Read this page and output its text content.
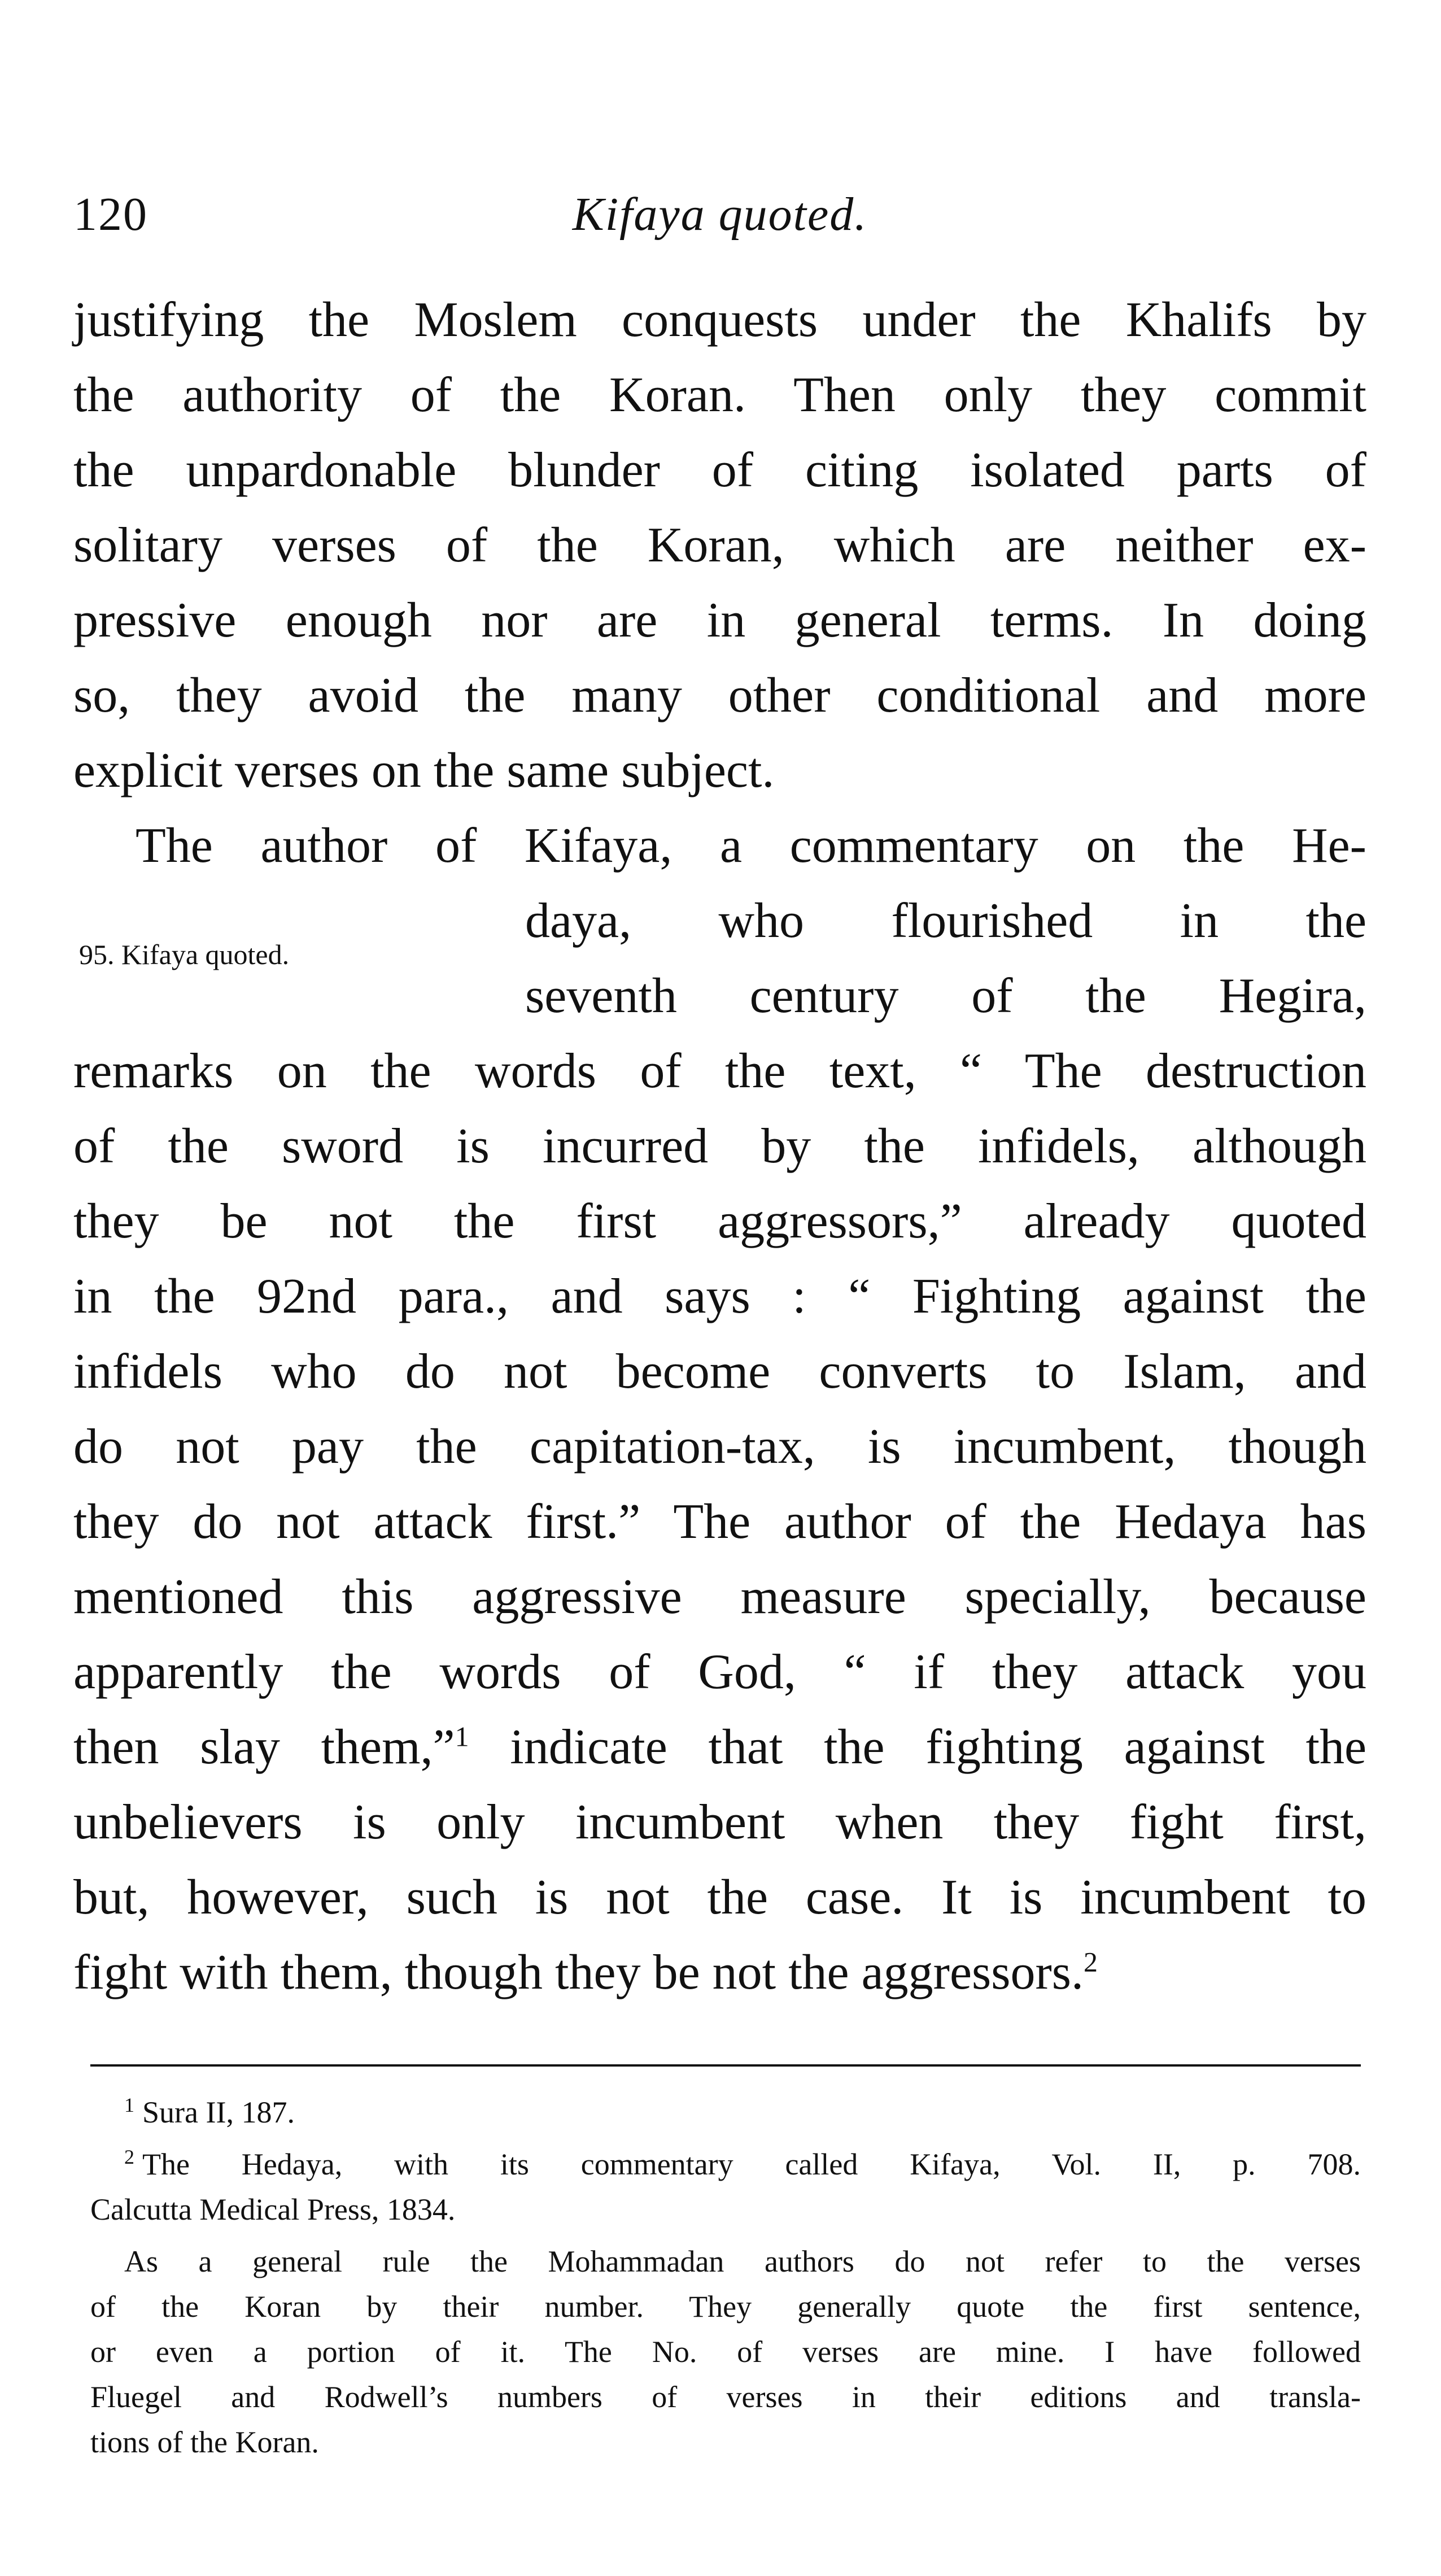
120	Kifaya quoted.
justifying the Moslem conquests under the Khalifs by
the authority of the Koran. Then only they commit
the unpardonable blunder of citing isolated parts of
solitary verses of the Koran, which are neither ex-
pressive enough nor are in general terms. In doing
so, they avoid the many other conditional and more
explicit verses on the same subject.
The author of Kifaya, a commentary on the He-
daya, who flourished in the
seventh century of the Hegira,
remarks on the words of the text, “ The destruction
of the sword is incurred by the infidels, although
they be not the first aggressors,” already quoted
in the 92nd para., and says : “ Fighting against the
infidels who do not become converts to Islam, and
do not pay the capitation-tax, is incumbent, though
they do not attack first.” The author of the Hedaya has
mentioned this aggressive measure specially, because
apparently the words of God, “ if they attack you
then slay them,”$^1$ indicate that the fighting against the
unbelievers is only incumbent when they fight first,
but, however, such is not the case. It is incumbent to
fight with them, though they be not the aggressors.$^2$
95. Kifaya quoted.
$^1$ Sura II, 187.
$^2$ The Hedaya, with its commentary called Kifaya, Vol. II, p. 708.
Calcutta Medical Press, 1834.
As a general rule the Mohammadan authors do not refer to the verses
of the Koran by their number. They generally quote the first sentence,
or even a portion of it. The No. of verses are mine. I have followed
Fluegel and Rodwell’s numbers of verses in their editions and transla-
tions of the Koran.
